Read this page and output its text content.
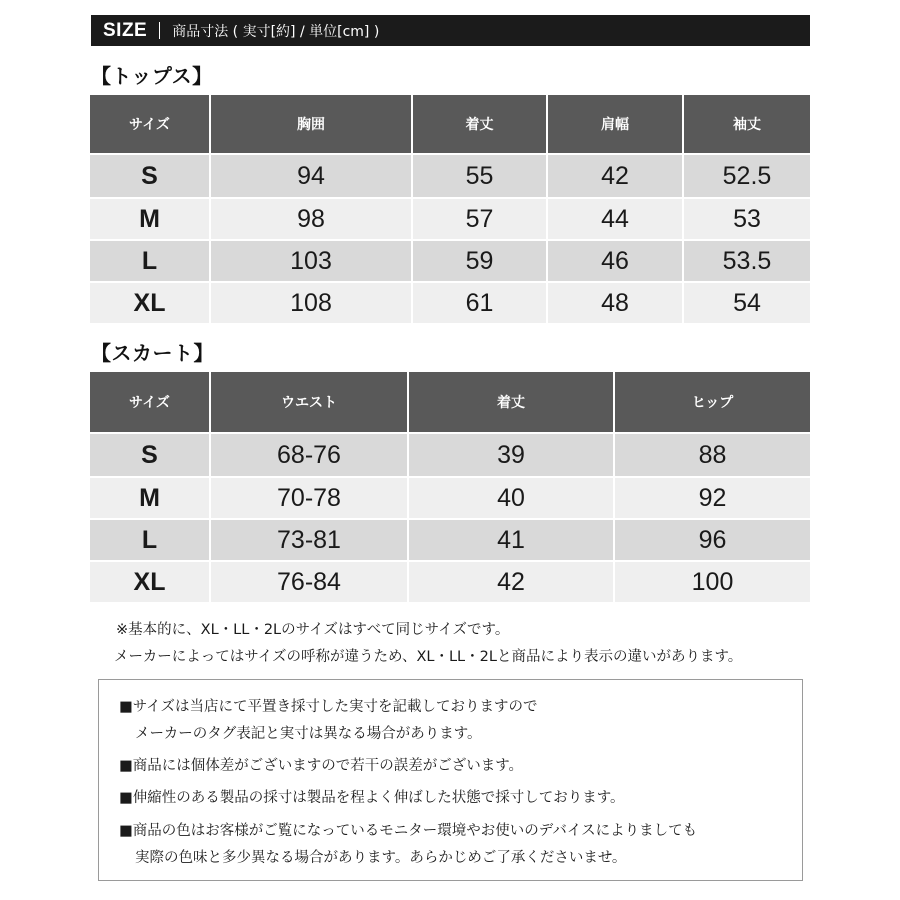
SIZE 商品寸法 ( 実寸[約] / 単位[cm] )
【トップス】
サイズ	胸囲	着丈	肩幅	袖丈
S	94	55	42	52.5
M	98	57	44	53
L	103	59	46	53.5
XL	108	61	48	54
【スカート】
サイズ	ウエスト	着丈	ヒップ
S	68-76	39	88
M	70-78	40	92
L	73-81	41	96
XL	76-84	42	100
※基本的に、XL・LL・2Lのサイズはすべて同じサイズです。
メーカーによってはサイズの呼称が違うため、XL・LL・2Lと商品により表示の違いがあります。
■サイズは当店にて平置き採寸した実寸を記載しておりますので
メーカーのタグ表記と実寸は異なる場合があります。
■商品には個体差がございますので若干の誤差がございます。
■伸縮性のある製品の採寸は製品を程よく伸ばした状態で採寸しております。
■商品の色はお客様がご覧になっているモニター環境やお使いのデバイスによりましても
実際の色味と多少異なる場合があります。あらかじめご了承くださいませ。
